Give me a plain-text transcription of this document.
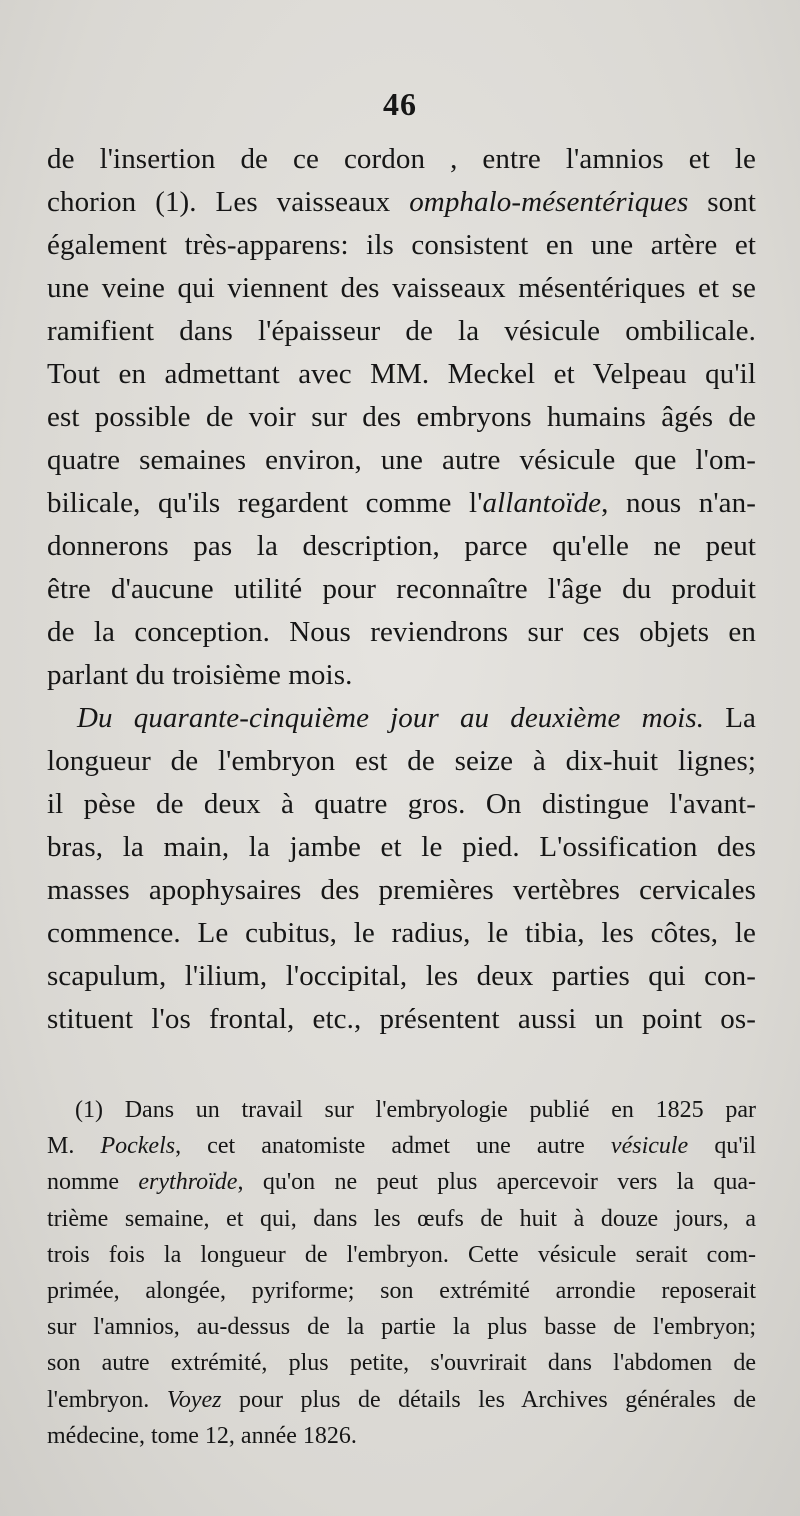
46
de l'insertion de ce cordon , entre l'amnios et le
chorion (1). Les vaisseaux omphalo-mésentériques sont
également très-apparens: ils consistent en une artère et
une veine qui viennent des vaisseaux mésentériques et se
ramifient dans l'épaisseur de la vésicule ombilicale.
Tout en admettant avec MM. Meckel et Velpeau qu'il
est possible de voir sur des embryons humains âgés de
quatre semaines environ, une autre vésicule que l'om-
bilicale, qu'ils regardent comme l'allantoïde, nous n'an-
donnerons pas la description, parce qu'elle ne peut
être d'aucune utilité pour reconnaître l'âge du produit
de la conception. Nous reviendrons sur ces objets en
parlant du troisième mois.
Du quarante-cinquième jour au deuxième mois. La
longueur de l'embryon est de seize à dix-huit lignes;
il pèse de deux à quatre gros. On distingue l'avant-
bras, la main, la jambe et le pied. L'ossification des
masses apophysaires des premières vertèbres cervicales
commence. Le cubitus, le radius, le tibia, les côtes, le
scapulum, l'ilium, l'occipital, les deux parties qui con-
stituent l'os frontal, etc., présentent aussi un point os-
(1) Dans un travail sur l'embryologie publié en 1825 par
M. Pockels, cet anatomiste admet une autre vésicule qu'il
nomme erythroïde, qu'on ne peut plus apercevoir vers la qua-
trième semaine, et qui, dans les œufs de huit à douze jours, a
trois fois la longueur de l'embryon. Cette vésicule serait com-
primée, alongée, pyriforme; son extrémité arrondie reposerait
sur l'amnios, au-dessus de la partie la plus basse de l'embryon;
son autre extrémité, plus petite, s'ouvrirait dans l'abdomen de
l'embryon. Voyez pour plus de détails les Archives générales de
médecine, tome 12, année 1826.
